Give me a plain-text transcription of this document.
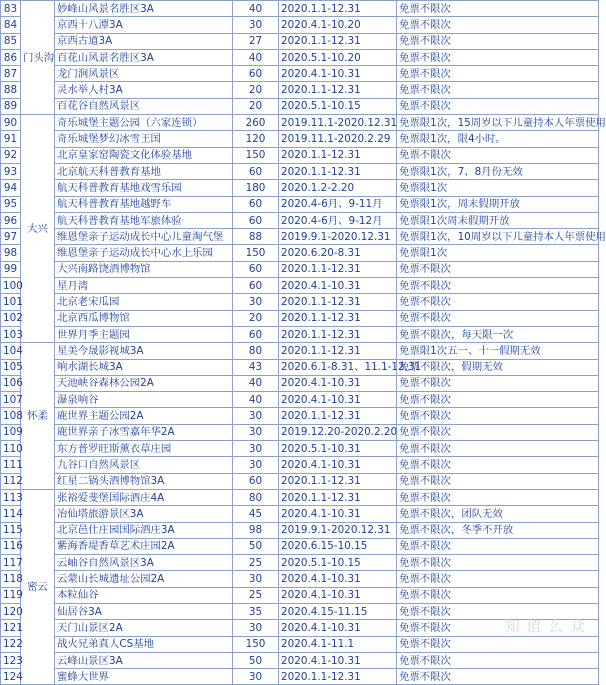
83	门头沟	妙峰山风景名胜区3A	40	2020.1.1-12.31	免票不限次
84		京西十八潭3A	30	2020.4.1-10.20	免票不限次
85		京西古道3A	27	2020.1.1-12.31	免票不限次
86		百花山风景名胜区3A	40	2020.5.1-10.20	免票不限次
87		龙门涧风景区	60	2020.4.1-10.31	免票不限次
88		灵水举人村3A	20	2020.1.1-12.31	免票不限次
89		百花谷自然风景区	20	2020.5.1-10.15	免票不限次
90	大兴	奇乐城堡主题公园（六家连锁）	260	2019.11.1-2020.12.31	免票限1次，15周岁以下儿童持本人年票使用
91		奇乐城堡梦幻冰雪王国	120	2019.11.1-2020.2.29	免票限1次，限4小时。
92		北京皇家窑陶瓷文化体验基地	150	2020.1.1-12.31	免票不限次
93		北京航天科普教育基地	60	2020.1.1-12.31	免票限1次，7、8月份无效
94		航天科普教育基地戏雪乐园	180	2020.1.2-2.20	免票限1次
95		航天科普教育基地越野车	60	2020.4-6月、9-11月	免票限1次，周末假期开放
96		航天科普教育基地军旅体验	60	2020.4-6月、9-12月	免票限1次周末假期开放
97		维恩堡亲子运动成长中心儿童淘气堡	88	2019.9.1-2020.12.31	免票限1次，10周岁以下儿童持本人年票使用
98		维恩堡亲子运动成长中心水上乐园	150	2020.6.20-8.31	免票限1次
99		大兴南路饶酒博物馆	60	2020.1.1-12.31	免票不限次
100		星月湾	60	2020.4.1-10.31	免票不限次
101		北京老宋瓜园	30	2020.1.1-12.31	免票不限次
102		北京西瓜博物馆	20	2020.1.1-12.31	免票不限次
103		世界月季主题园	60	2020.1.1-12.31	免票不限次，每天限一次
104	怀柔	星美今晟影视城3A	80	2020.1.1-12.31	免票限1次五一、十一假期无效
105		响水湖长城3A	43	2020.6.1-8.31、11.1-12.31	免票不限次，假期无效
106		天池峡谷森林公园2A	40	2020.4.1-10.31	免票不限次
107		瀑泉响谷	40	2020.4.1-10.31	免票不限次
108		鹿世界主题公园2A	30	2020.1.1-12.31	免票不限次
109		鹿世界亲子冰雪嘉年华2A	30	2019.12.20-2020.2.20	免票不限次
110		东方普罗旺斯薰衣草庄园	30	2020.5.1-10.31	免票不限次
111		九谷口自然风景区	30	2020.4.1-10.31	免票不限次
112		红星二锅头酒博物馆3A	60	2020.1.1-12.31	免票不限次
113	密云	张裕爱斐堡国际酒庄4A	80	2020.1.1-12.31	免票不限次
114		冶仙塔旅游景区3A	45	2020.4.1-10.31	免票不限次，团队无效
115		北京邑仕庄园国际酒庄3A	98	2019.9.1-2020.12.31	免票不限次，冬季不开放
116		紫海香堤香草艺术庄园2A	50	2020.6.15-10.15	免票不限次
117		云岫谷自然风景区3A	25	2020.5.1-10.15	免票不限次
118		云蒙山长城遗址公园2A	30	2020.4.1-10.31	免票不限次
119		本粒仙谷	25	2020.4.1-10.31	免票不限次
120		仙居谷3A	35	2020.4.15-11.15	免票不限次
121		天门山景区2A	30	2020.4.1-10.31	免票不限次
122		战火兄弟真人CS基地	150	2020.4.1-11.1	免票不限次
123		云峰山景区3A	50	2020.4.1-10.31	免票不限次
124		蜜蜂大世界	30	2020.1.1-12.31	免票不限次
知 值 么 众
